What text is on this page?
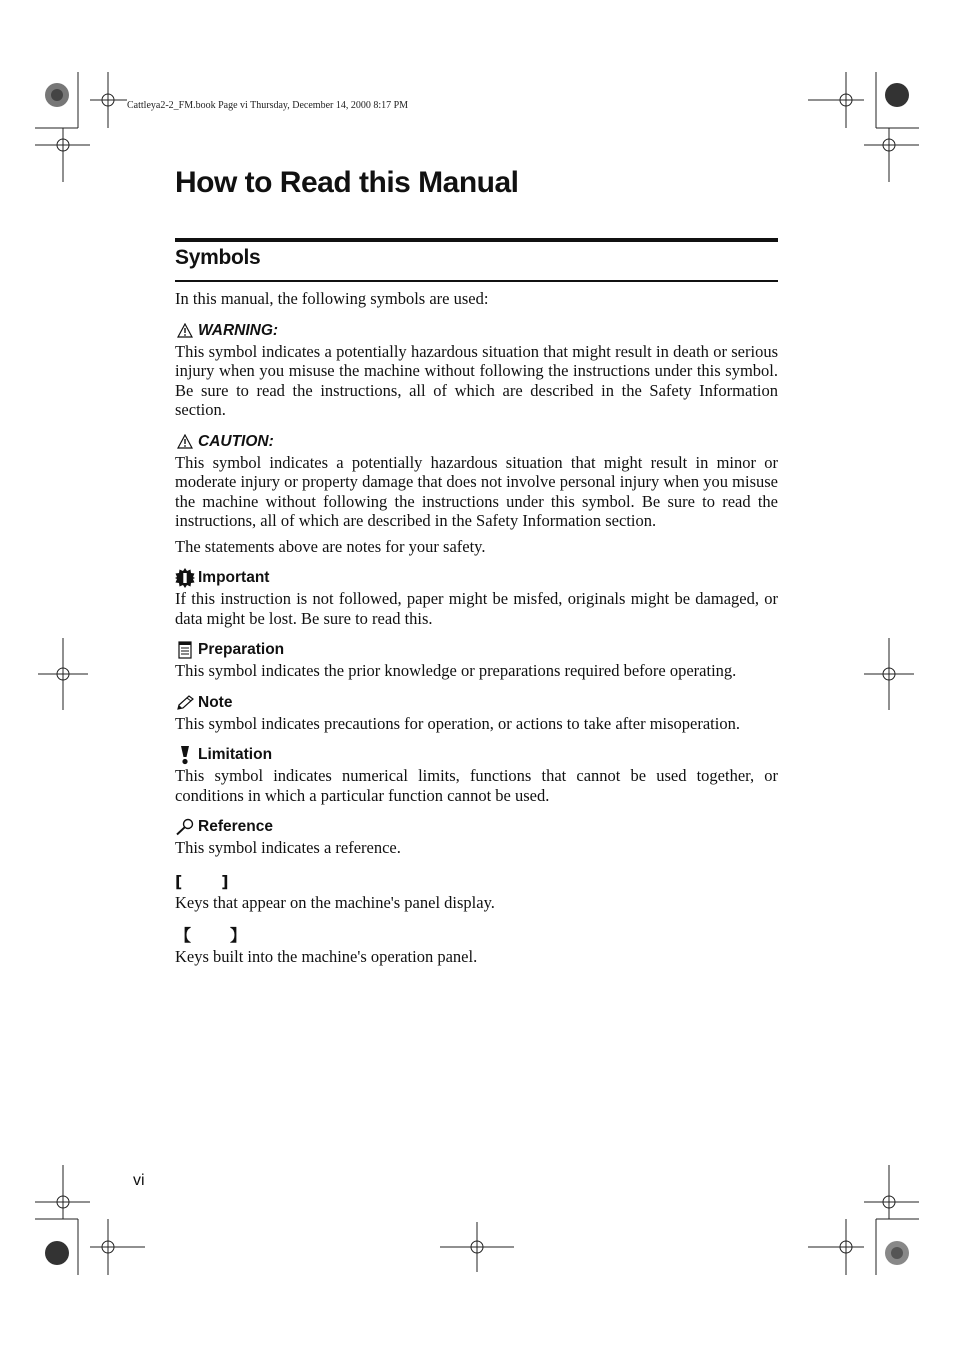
Cattleya2-2_FM.book Page vi Thursday, December 14, 2000 8:17 PM
How to Read this Manual
Symbols

In this manual, the following symbols are used:

WARNING:

This symbol indicates a potentially hazardous situation that might result in death or serious injury when you misuse the machine without following the instructions under this symbol. Be sure to read the instructions, all of which are described in the Safety Information section.

CAUTION:

This symbol indicates a potentially hazardous situation that might result in minor or moderate injury or property damage that does not involve personal injury when you misuse the machine without following the instructions under this symbol. Be sure to read the instructions, all of which are described in the Safety Information section.

The statements above are notes for your safety.

Important

If this instruction is not followed, paper might be misfed, originals might be damaged, or data might be lost. Be sure to read this.

Preparation

This symbol indicates the prior knowledge or preparations required before operating.

Note

This symbol indicates precautions for operation, or actions to take after misoperation.

Limitation

This symbol indicates numerical limits, functions that cannot be used together, or conditions in which a particular function cannot be used.

Reference

This symbol indicates a reference.

[       ]

Keys that appear on the machine's panel display.

【       】

Keys built into the machine's operation panel.

vi
